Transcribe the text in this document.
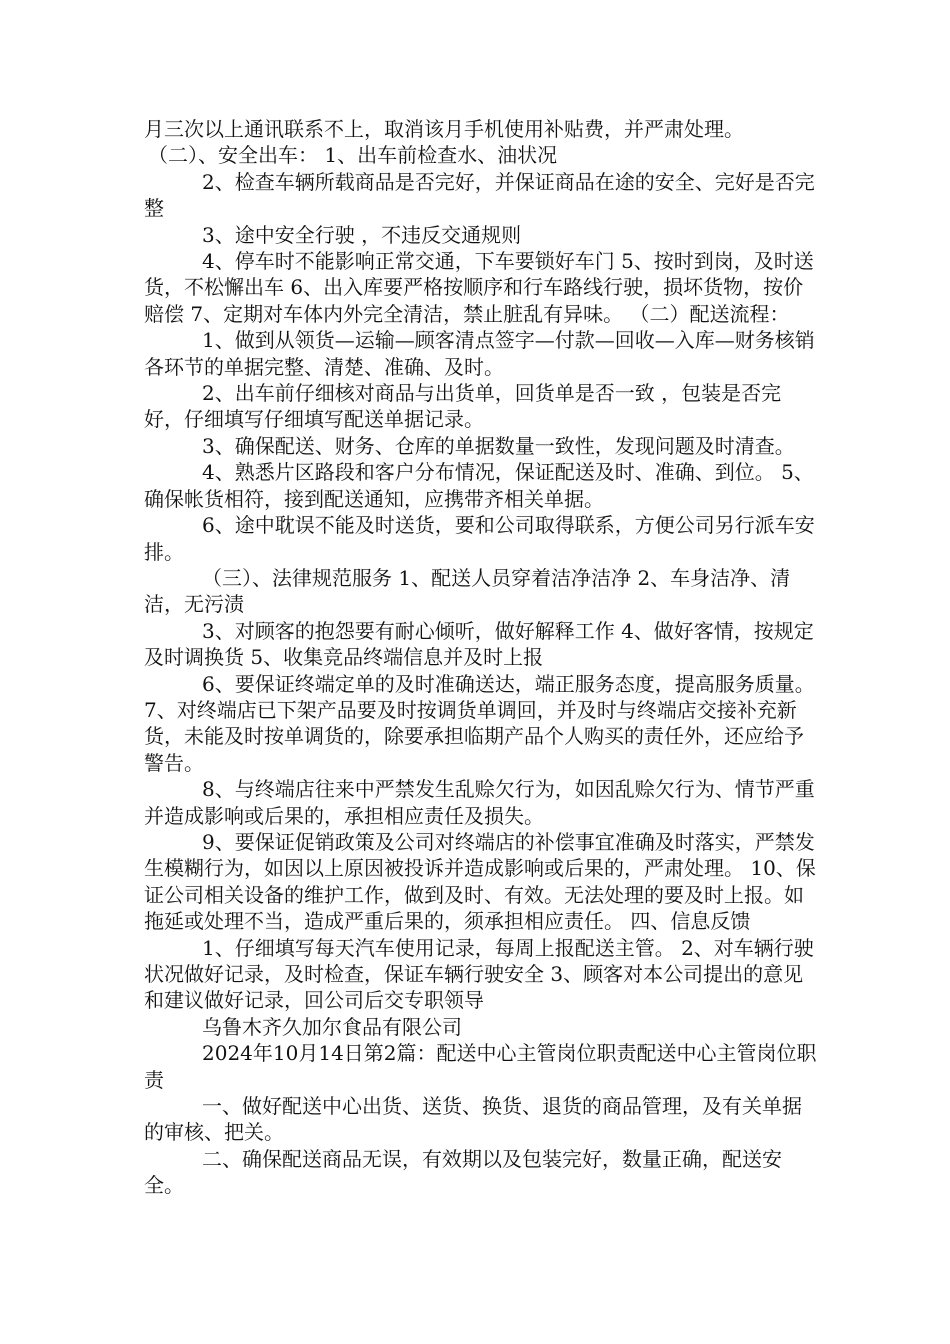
月三次以上通讯联系不上，取消该月手机使用补贴费，并严肃处理。

（二）、安全出车： 1、出车前检查水、油状况

2、检查车辆所载商品是否完好，并保证商品在途的安全、完好是否完整

3、途中安全行驶 ，不违反交通规则

4、停车时不能影响正常交通，下车要锁好车门 5、按时到岗，及时送货，不松懈出车 6、出入库要严格按顺序和行车路线行驶，损坏货物，按价赔偿 7、定期对车体内外完全清洁，禁止脏乱有异味。 （二）配送流程：

1、做到从领货—运输—顾客清点签字—付款—回收—入库—财务核销各环节的单据完整、清楚、准确、及时。

2、出车前仔细核对商品与出货单，回货单是否一致 ，包装是否完好，仔细填写仔细填写配送单据记录。

3、确保配送、财务、仓库的单据数量一致性，发现问题及时清查。

4、熟悉片区路段和客户分布情况，保证配送及时、准确、到位。 5、确保帐货相符，接到配送通知，应携带齐相关单据。

6、途中耽误不能及时送货，要和公司取得联系，方便公司另行派车安排。

（三）、法律规范服务 1、配送人员穿着洁净洁净 2、车身洁净、清洁，无污渍

3、对顾客的抱怨要有耐心倾听，做好解释工作 4、做好客情，按规定及时调换货 5、收集竞品终端信息并及时上报

6、要保证终端定单的及时准确送达，端正服务态度，提高服务质量。 7、对终端店已下架产品要及时按调货单调回，并及时与终端店交接补充新货，未能及时按单调货的，除要承担临期产品个人购买的责任外，还应给予警告。

8、与终端店往来中严禁发生乱赊欠行为，如因乱赊欠行为、情节严重并造成影响或后果的，承担相应责任及损失。

9、要保证促销政策及公司对终端店的补偿事宜准确及时落实，严禁发生模糊行为，如因以上原因被投诉并造成影响或后果的，严肃处理。 10、保证公司相关设备的维护工作，做到及时、有效。无法处理的要及时上报。如拖延或处理不当，造成严重后果的，须承担相应责任。 四、信息反馈

1、仔细填写每天汽车使用记录，每周上报配送主管。 2、对车辆行驶状况做好记录，及时检查，保证车辆行驶安全 3、顾客对本公司提出的意见和建议做好记录，回公司后交专职领导

乌鲁木齐久加尔食品有限公司

2024年10月14日第2篇：配送中心主管岗位职责配送中心主管岗位职责

一、做好配送中心出货、送货、换货、退货的商品管理，及有关单据的审核、把关。

二、确保配送商品无误，有效期以及包装完好，数量正确，配送安全。
